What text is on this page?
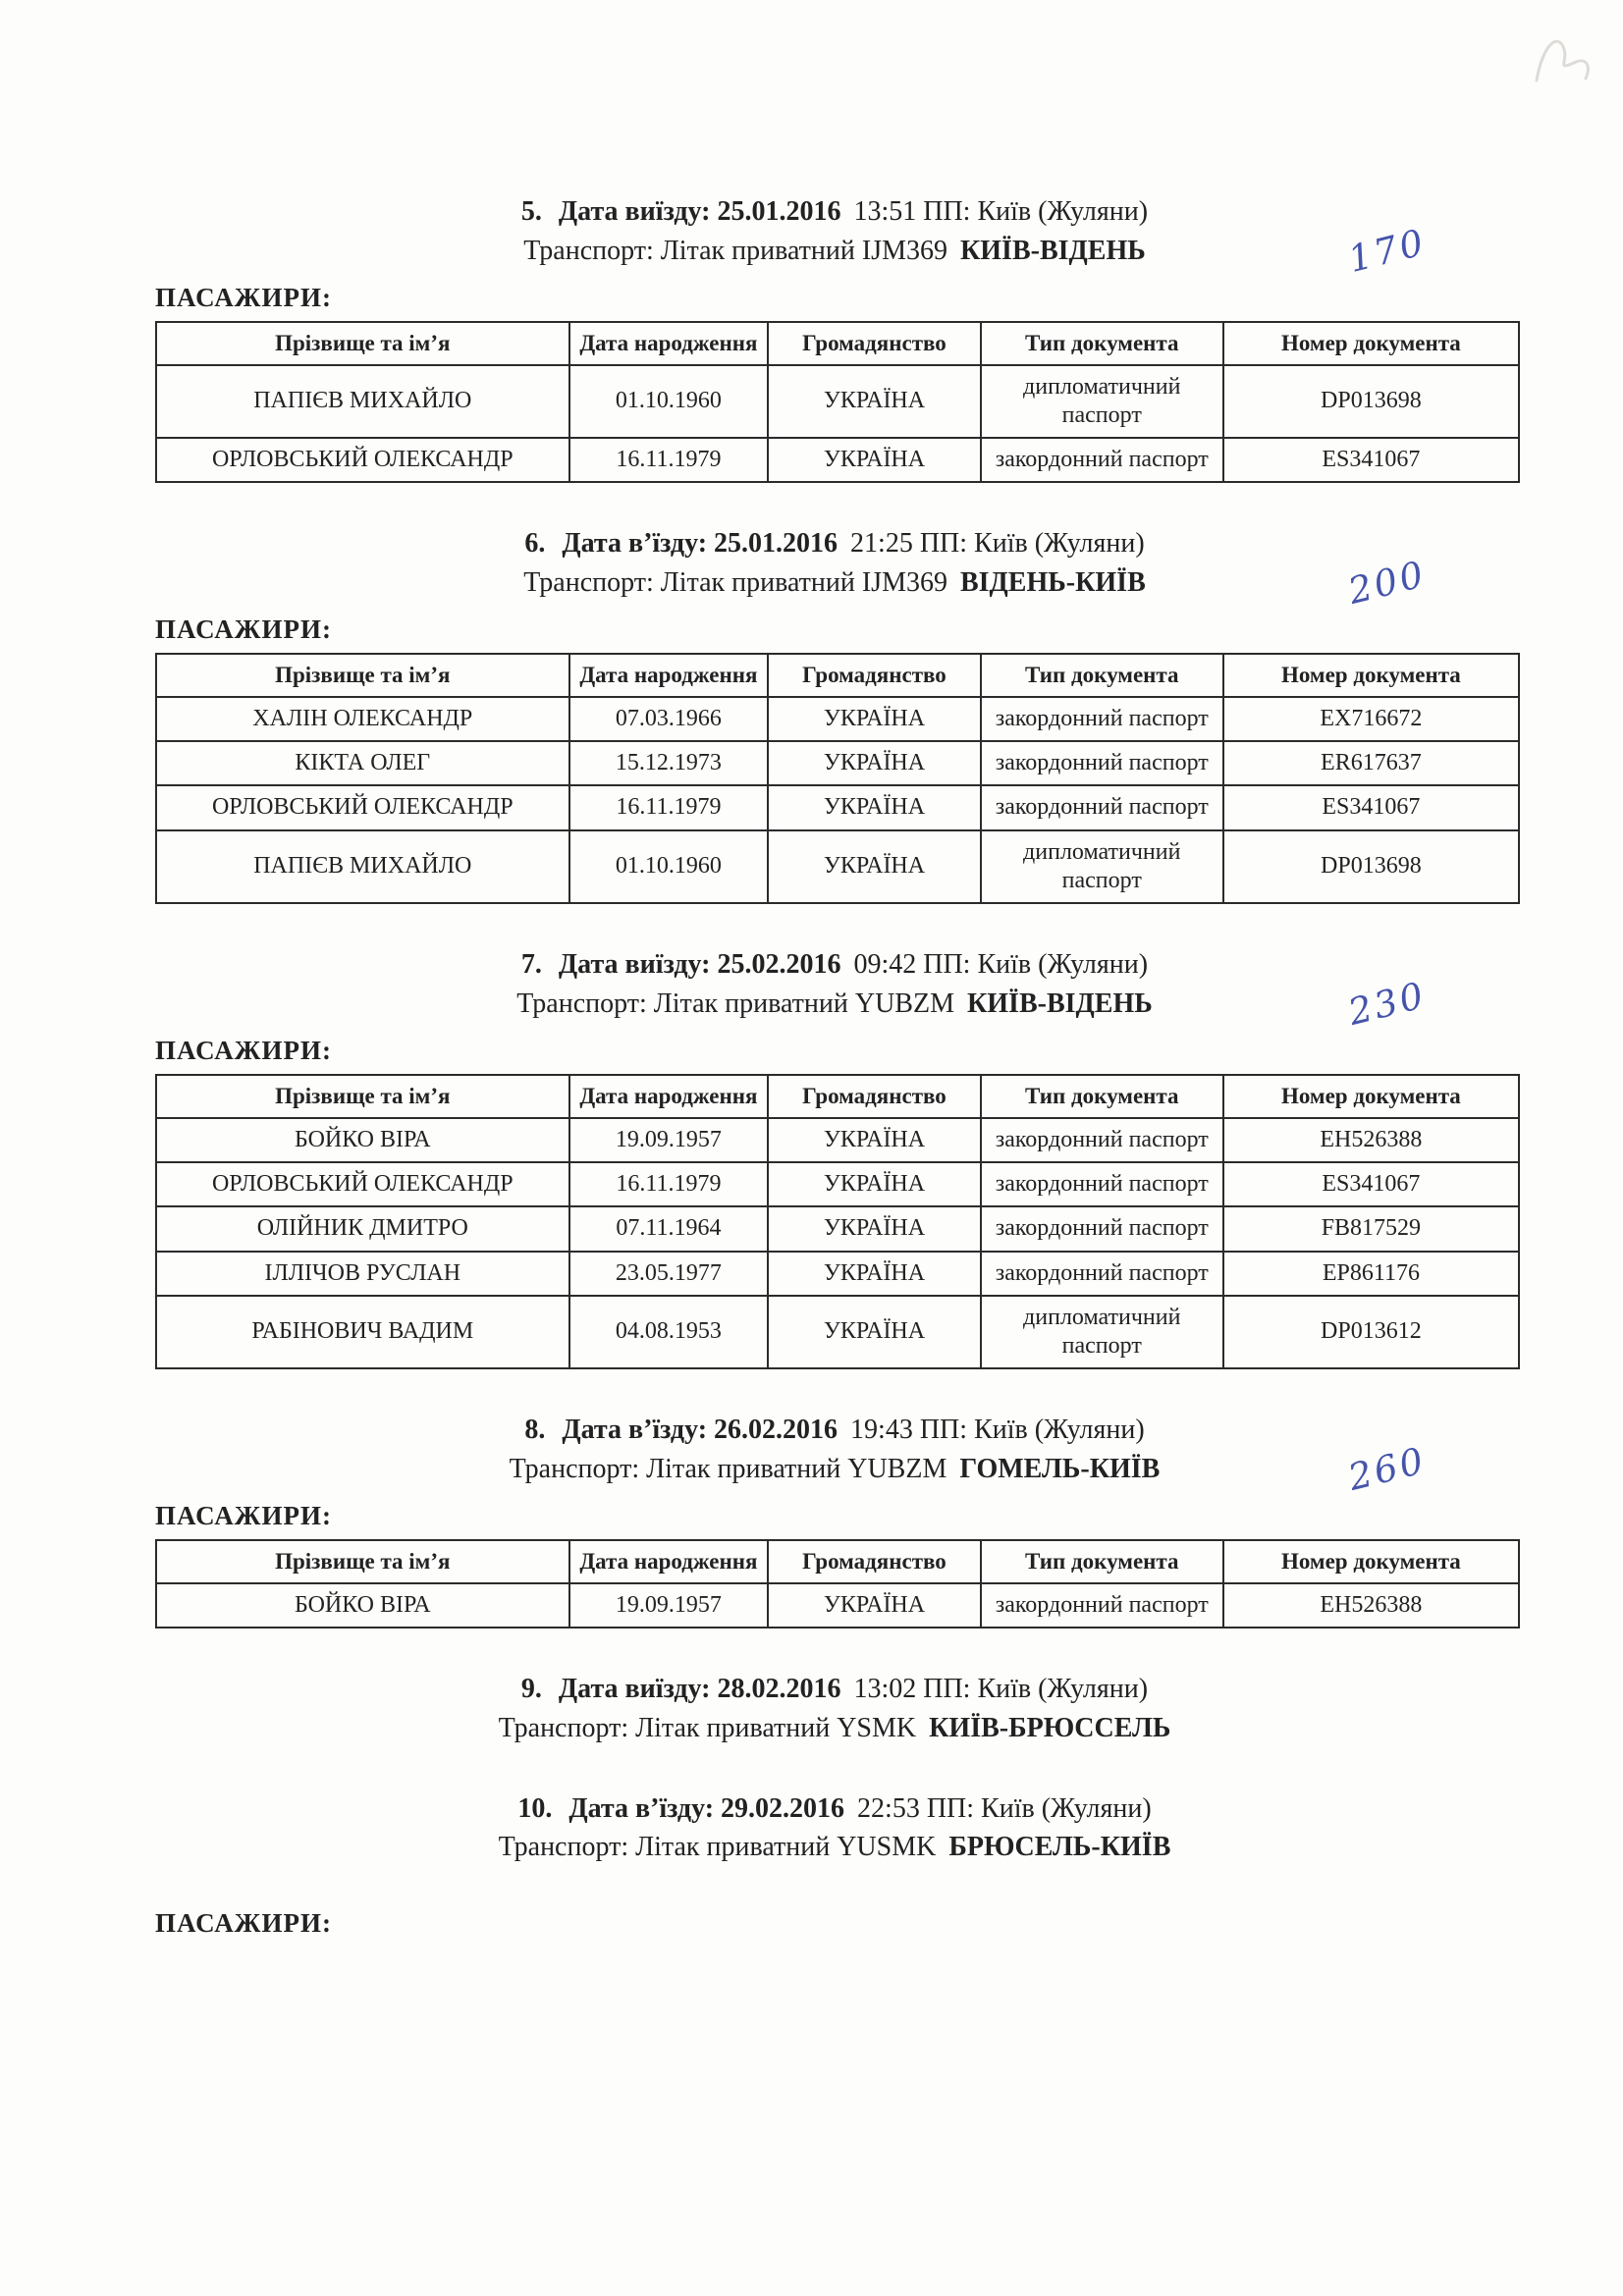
5. Дата виїзду: 25.01.2016 13:51 ПП: Київ (Жуляни)
Транспорт: Літак приватний IJM369 КИЇВ-ВІДЕНЬ	170
ПАСАЖИРИ:
Прізвище та ім’я	Дата народження	Громадянство	Тип документа	Номер документа
ПАПІЄВ МИХАЙЛО	01.10.1960	УКРАЇНА	дипломатичний паспорт	DP013698
ОРЛОВСЬКИЙ ОЛЕКСАНДР	16.11.1979	УКРАЇНА	закордонний паспорт	ES341067
6. Дата в’їзду: 25.01.2016 21:25 ПП: Київ (Жуляни)
Транспорт: Літак приватний IJM369 ВІДЕНЬ-КИЇВ	200
ПАСАЖИРИ:
Прізвище та ім’я	Дата народження	Громадянство	Тип документа	Номер документа
ХАЛІН ОЛЕКСАНДР	07.03.1966	УКРАЇНА	закордонний паспорт	EX716672
КІКТА ОЛЕГ	15.12.1973	УКРАЇНА	закордонний паспорт	ER617637
ОРЛОВСЬКИЙ ОЛЕКСАНДР	16.11.1979	УКРАЇНА	закордонний паспорт	ES341067
ПАПІЄВ МИХАЙЛО	01.10.1960	УКРАЇНА	дипломатичний паспорт	DP013698
7. Дата виїзду: 25.02.2016 09:42 ПП: Київ (Жуляни)
Транспорт: Літак приватний YUBZM КИЇВ-ВІДЕНЬ	230
ПАСАЖИРИ:
Прізвище та ім’я	Дата народження	Громадянство	Тип документа	Номер документа
БОЙКО ВІРА	19.09.1957	УКРАЇНА	закордонний паспорт	EH526388
ОРЛОВСЬКИЙ ОЛЕКСАНДР	16.11.1979	УКРАЇНА	закордонний паспорт	ES341067
ОЛІЙНИК ДМИТРО	07.11.1964	УКРАЇНА	закордонний паспорт	FB817529
ІЛЛІЧОВ РУСЛАН	23.05.1977	УКРАЇНА	закордонний паспорт	EP861176
РАБІНОВИЧ ВАДИМ	04.08.1953	УКРАЇНА	дипломатичний паспорт	DP013612
8. Дата в’їзду: 26.02.2016 19:43 ПП: Київ (Жуляни)
Транспорт: Літак приватний YUBZM ГОМЕЛЬ-КИЇВ	260
ПАСАЖИРИ:
Прізвище та ім’я	Дата народження	Громадянство	Тип документа	Номер документа
БОЙКО ВІРА	19.09.1957	УКРАЇНА	закордонний паспорт	EH526388
9. Дата виїзду: 28.02.2016 13:02 ПП: Київ (Жуляни)
Транспорт: Літак приватний YSMK КИЇВ-БРЮССЕЛЬ
10. Дата в’їзду: 29.02.2016 22:53 ПП: Київ (Жуляни)
Транспорт: Літак приватний YUSMK БРЮСЕЛЬ-КИЇВ
ПАСАЖИРИ:
